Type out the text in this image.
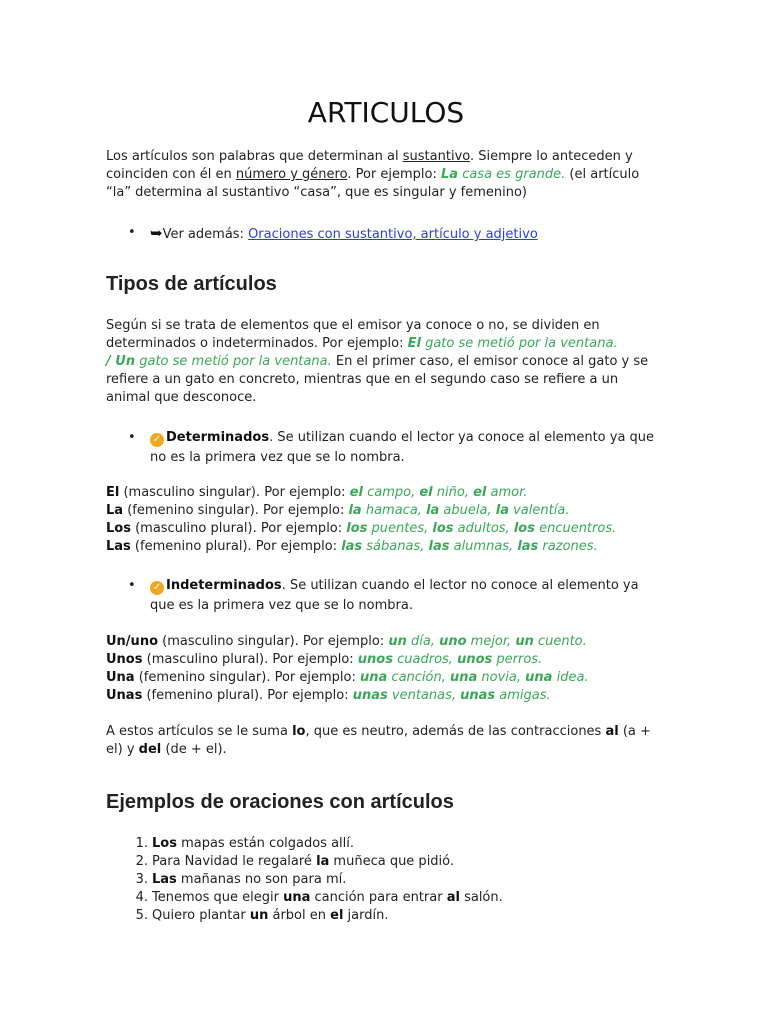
ARTICULOS

Los artículos son palabras que determinan al sustantivo. Siempre lo anteceden y coinciden con él en número y género. Por ejemplo: La casa es grande. (el artículo “la” determina al sustantivo “casa”, que es singular y femenino)

• ➥Ver además: Oraciones con sustantivo, artículo y adjetivo
Tipos de artículos

Según si se trata de elementos que el emisor ya conoce o no, se dividen en determinados o indeterminados. Por ejemplo: El gato se metió por la ventana.
/ Un gato se metió por la ventana. En el primer caso, el emisor conoce al gato y se refiere a un gato en concreto, mientras que en el segundo caso se refiere a un animal que desconoce.

• ✓ Determinados. Se utilizan cuando el lector ya conoce al elemento ya que no es la primera vez que se lo nombra.
El (masculino singular). Por ejemplo: el campo, el niño, el amor.
La (femenino singular). Por ejemplo: la hamaca, la abuela, la valentía.
Los (masculino plural). Por ejemplo: los puentes, los adultos, los encuentros.
Las (femenino plural). Por ejemplo: las sábanas, las alumnas, las razones.
• ✓ Indeterminados. Se utilizan cuando el lector no conoce al elemento ya que es la primera vez que se lo nombra.
Un/uno (masculino singular). Por ejemplo: un día, uno mejor, un cuento.
Unos (masculino plural). Por ejemplo: unos cuadros, unos perros.
Una (femenino singular). Por ejemplo: una canción, una novia, una idea.
Unas (femenino plural). Por ejemplo: unas ventanas, unas amigas.

A estos artículos se le suma lo, que es neutro, además de las contracciones al (a + el) y del (de + el).

Ejemplos de oraciones con artículos
1. Los mapas están colgados allí.
2. Para Navidad le regalaré la muñeca que pidió.
3. Las mañanas no son para mí.
4. Tenemos que elegir una canción para entrar al salón.
5. Quiero plantar un árbol en el jardín.
